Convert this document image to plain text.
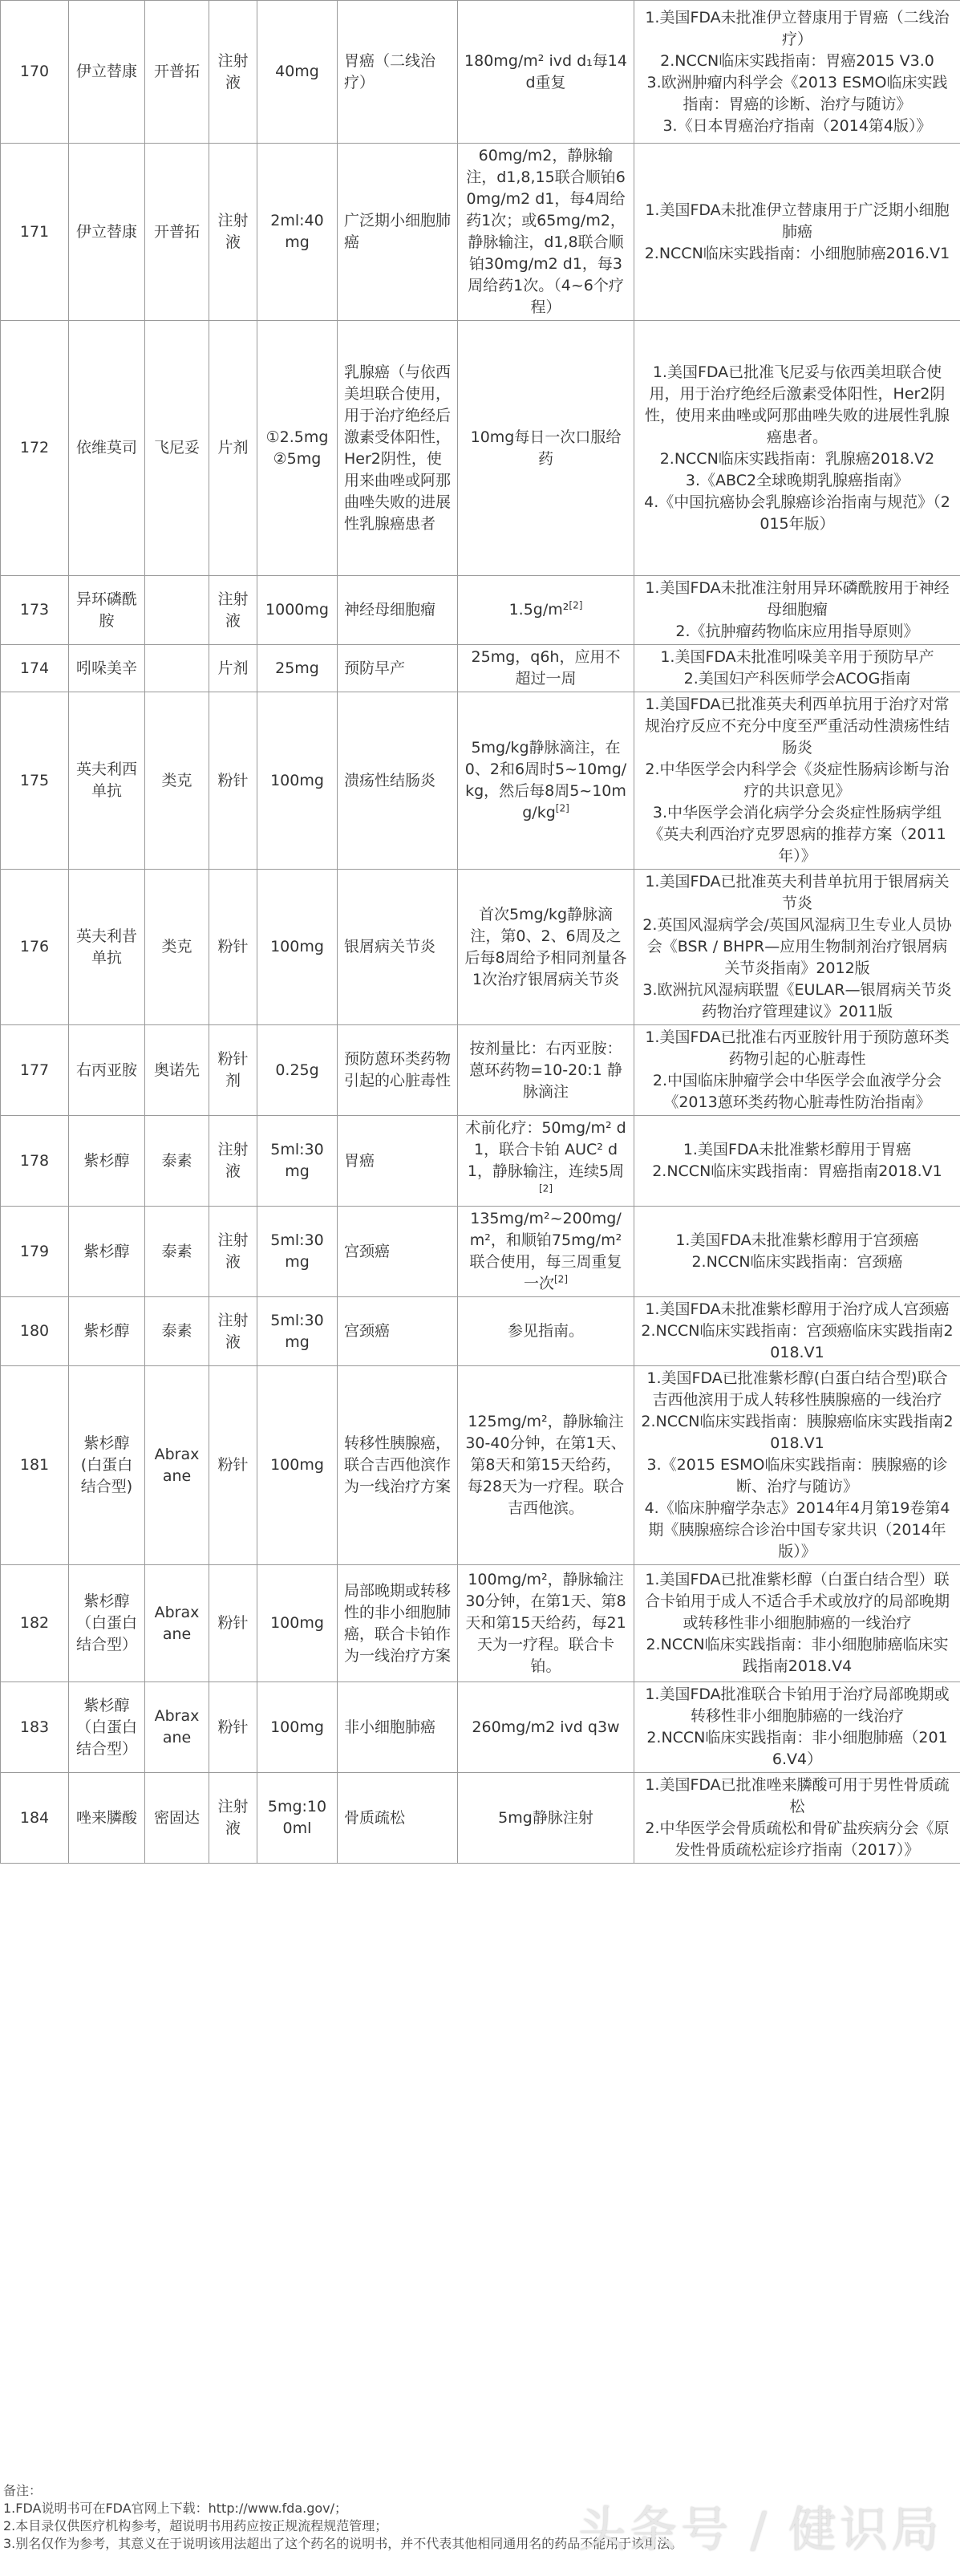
170	伊立替康	开普拓	注射液	40mg	胃癌（二线治疗）	180mg/m² ivd d₁每14d重复	1.美国FDA未批准伊立替康用于胃癌（二线治疗）
2.NCCN临床实践指南：胃癌2015 V3.0
3.欧洲肿瘤内科学会《2013 ESMO临床实践指南：胃癌的诊断、治疗与随访》
3.《日本胃癌治疗指南（2014第4版）》
171	伊立替康	开普拓	注射液	2ml:40mg	广泛期小细胞肺癌	60mg/m2，静脉输注，d1,8,15联合顺铂60mg/m2 d1，每4周给药1次；或65mg/m2，静脉输注，d1,8联合顺铂30mg/m2 d1，每3周给药1次。（4~6个疗程）	1.美国FDA未批准伊立替康用于广泛期小细胞肺癌
2.NCCN临床实践指南：小细胞肺癌2016.V1
172	依维莫司	飞尼妥	片剂	①2.5mg
②5mg	乳腺癌（与依西美坦联合使用，用于治疗绝经后激素受体阳性，Her2阴性，使用来曲唑或阿那曲唑失败的进展性乳腺癌患者	10mg每日一次口服给药	1.美国FDA已批准飞尼妥与依西美坦联合使用，用于治疗绝经后激素受体阳性，Her2阴性，使用来曲唑或阿那曲唑失败的进展性乳腺癌患者。
2.NCCN临床实践指南：乳腺癌2018.V2
3.《ABC2全球晚期乳腺癌指南》
4.《中国抗癌协会乳腺癌诊治指南与规范》（2015年版）
173	异环磷酰胺		注射液	1000mg	神经母细胞瘤	1.5g/m²[2]	1.美国FDA未批准注射用异环磷酰胺用于神经母细胞瘤
2.《抗肿瘤药物临床应用指导原则》
174	吲哚美辛		片剂	25mg	预防早产	25mg，q6h，应用不超过一周	1.美国FDA未批准吲哚美辛用于预防早产
2.美国妇产科医师学会ACOG指南
175	英夫利西单抗	类克	粉针	100mg	溃疡性结肠炎	5mg/kg静脉滴注，在0、2和6周时5~10mg/kg，然后每8周5~10mg/kg[2]	1.美国FDA已批准英夫利西单抗用于治疗对常规治疗反应不充分中度至严重活动性溃疡性结肠炎
2.中华医学会内科学会《炎症性肠病诊断与治疗的共识意见》
3.中华医学会消化病学分会炎症性肠病学组《英夫利西治疗克罗恩病的推荐方案（2011年）》
176	英夫利昔单抗	类克	粉针	100mg	银屑病关节炎	首次5mg/kg静脉滴注，第0、2、6周及之后每8周给予相同剂量各1次治疗银屑病关节炎	1.美国FDA已批准英夫利昔单抗用于银屑病关节炎
2.英国风湿病学会/英国风湿病卫生专业人员协会《BSR / BHPR—应用生物制剂治疗银屑病关节炎指南》2012版
3.欧洲抗风湿病联盟《EULAR—银屑病关节炎药物治疗管理建议》2011版
177	右丙亚胺	奥诺先	粉针剂	0.25g	预防蒽环类药物引起的心脏毒性	按剂量比：右丙亚胺：蒽环药物=10-20:1 静脉滴注	1.美国FDA已批准右丙亚胺针用于预防蒽环类药物引起的心脏毒性
2.中国临床肿瘤学会中华医学会血液学分会《2013蒽环类药物心脏毒性防治指南》
178	紫杉醇	泰素	注射液	5ml:30mg	胃癌	术前化疗：50mg/m² d1，联合卡铂 AUC² d1，静脉输注，连续5周[2]	1.美国FDA未批准紫杉醇用于胃癌
2.NCCN临床实践指南：胃癌指南2018.V1
179	紫杉醇	泰素	注射液	5ml:30mg	宫颈癌	135mg/m²~200mg/m²，和顺铂75mg/m²联合使用，每三周重复一次[2]	1.美国FDA未批准紫杉醇用于宫颈癌
2.NCCN临床实践指南：宫颈癌
180	紫杉醇	泰素	注射液	5ml:30mg	宫颈癌	参见指南。	1.美国FDA未批准紫杉醇用于治疗成人宫颈癌
2.NCCN临床实践指南：宫颈癌临床实践指南2018.V1
181	紫杉醇(白蛋白结合型)	Abraxane	粉针	100mg	转移性胰腺癌，联合吉西他滨作为一线治疗方案	125mg/m²，静脉输注30-40分钟，在第1天、第8天和第15天给药，每28天为一疗程。联合吉西他滨。	1.美国FDA已批准紫杉醇(白蛋白结合型)联合吉西他滨用于成人转移性胰腺癌的一线治疗
2.NCCN临床实践指南：胰腺癌临床实践指南2018.V1
3.《2015 ESMO临床实践指南：胰腺癌的诊断、治疗与随访》
4.《临床肿瘤学杂志》2014年4月第19卷第4期《胰腺癌综合诊治中国专家共识（2014年版）》
182	紫杉醇（白蛋白结合型）	Abraxane	粉针	100mg	局部晚期或转移性的非小细胞肺癌，联合卡铂作为一线治疗方案	100mg/m²，静脉输注30分钟，在第1天、第8天和第15天给药，每21天为一疗程。联合卡铂。	1.美国FDA已批准紫杉醇（白蛋白结合型）联合卡铂用于成人不适合手术或放疗的局部晚期或转移性非小细胞肺癌的一线治疗
2.NCCN临床实践指南：非小细胞肺癌临床实践指南2018.V4
183	紫杉醇（白蛋白结合型）	Abraxane	粉针	100mg	非小细胞肺癌	260mg/m2 ivd q3w	1.美国FDA批准联合卡铂用于治疗局部晚期或转移性非小细胞肺癌的一线治疗
2.NCCN临床实践指南：非小细胞肺癌（2016.V4）
184	唑来膦酸	密固达	注射液	5mg:100ml	骨质疏松	5mg静脉注射	1.美国FDA已批准唑来膦酸可用于男性骨质疏松
2.中华医学会骨质疏松和骨矿盐疾病分会《原发性骨质疏松症诊疗指南（2017）》
备注：
1.FDA说明书可在FDA官网上下载：http://www.fda.gov/；
2.本目录仅供医疗机构参考，超说明书用药应按正规流程规范管理；
3.别名仅作为参考，其意义在于说明该用法超出了这个药名的说明书，并不代表其他相同通用名的药品不能用于该用法。
头条号 / 健识局
